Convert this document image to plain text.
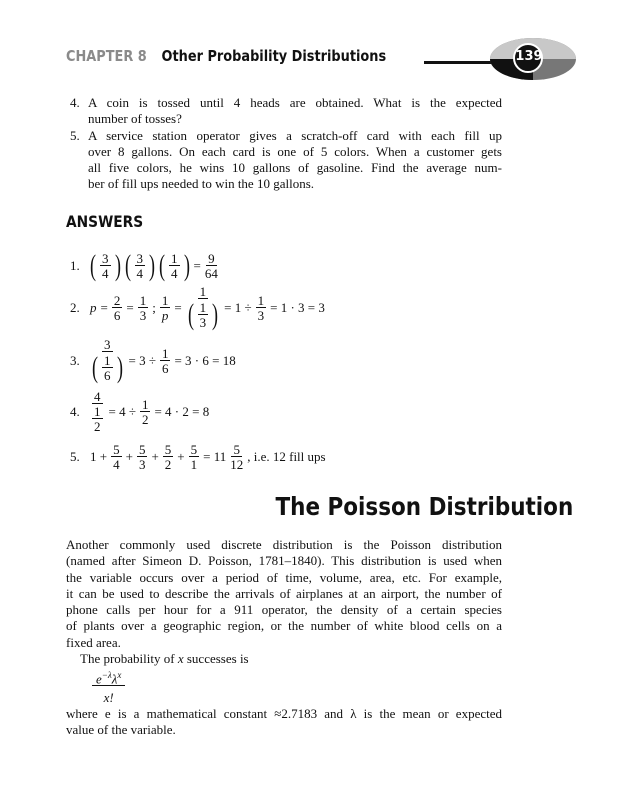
CHAPTER 8 Other Probability Distributions	139
4. A coin is tossed until 4 heads are obtained. What is the expected
number of tosses?
5. A service station operator gives a scratch-off card with each fill up
over 8 gallons. On each card is one of 5 colors. When a customer gets
all five colors, he wins 10 gallons of gasoline. Find the average num-
ber of fill ups needed to win the 10 gallons.
ANSWERS
1. ( $\frac{3}{4}$ ) ( $\frac{3}{4}$ ) ( $\frac{1}{4}$ ) = $\frac{9}{64}$
2. $p = \frac{2}{6} = \frac{1}{3}$ ; $\frac{1}{p} = \frac{1}{( \frac{1}{3} )} = 1 \div \frac{1}{3} = 1 \cdot 3 = 3$
3. $\frac{3}{( \frac{1}{6} )} = 3 \div \frac{1}{6} = 3 \cdot 6 = 18$
4. $\frac{4}{\frac{1}{2}} = 4 \div \frac{1}{2} = 4 \cdot 2 = 8$
5. $1 + \frac{5}{4} + \frac{5}{3} + \frac{5}{2} + \frac{5}{1} = 11 \frac{5}{12}$ , i.e. 12 fill ups
The Poisson Distribution
Another commonly used discrete distribution is the Poisson distribution
(named after Simeon D. Poisson, 1781–1840). This distribution is used when
the variable occurs over a period of time, volume, area, etc. For example,
it can be used to describe the arrivals of airplanes at an airport, the number of
phone calls per hour for a 911 operator, the density of a certain species
of plants over a geographic region, or the number of white blood cells on a
fixed area.
The probability of x successes is
$e^{-\lambda}\lambda^x$
x!
where e is a mathematical constant ≈2.7183 and λ is the mean or expected
value of the variable.
